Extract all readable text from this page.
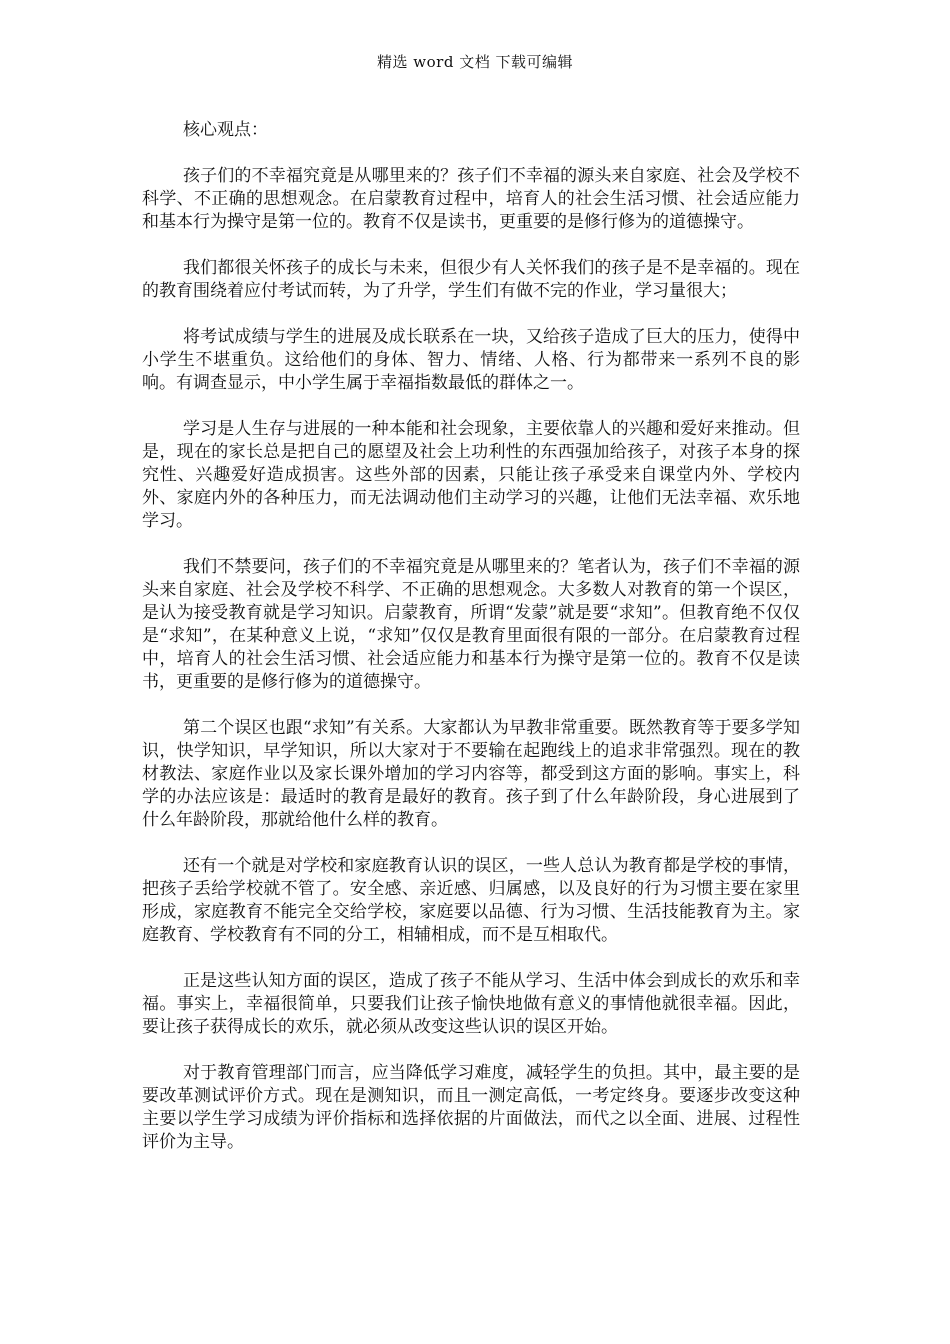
精选 word 文档 下载可编辑

核心观点：

孩子们的不幸福究竟是从哪里来的？孩子们不幸福的源头来自家庭、社会及学校不科学、不正确的思想观念。在启蒙教育过程中，培育人的社会生活习惯、社会适应能力和基本行为操守是第一位的。教育不仅是读书，更重要的是修行修为的道德操守。

我们都很关怀孩子的成长与未来，但很少有人关怀我们的孩子是不是幸福的。现在的教育围绕着应付考试而转，为了升学，学生们有做不完的作业，学习量很大；

将考试成绩与学生的进展及成长联系在一块，又给孩子造成了巨大的压力，使得中小学生不堪重负。这给他们的身体、智力、情绪、人格、行为都带来一系列不良的影响。有调查显示，中小学生属于幸福指数最低的群体之一。

学习是人生存与进展的一种本能和社会现象，主要依靠人的兴趣和爱好来推动。但是，现在的家长总是把自己的愿望及社会上功利性的东西强加给孩子，对孩子本身的探究性、兴趣爱好造成损害。这些外部的因素，只能让孩子承受来自课堂内外、学校内外、家庭内外的各种压力，而无法调动他们主动学习的兴趣，让他们无法幸福、欢乐地学习。

我们不禁要问，孩子们的不幸福究竟是从哪里来的？笔者认为，孩子们不幸福的源头来自家庭、社会及学校不科学、不正确的思想观念。大多数人对教育的第一个误区，是认为接受教育就是学习知识。启蒙教育，所谓“发蒙”就是要“求知”。但教育绝不仅仅是“求知”，在某种意义上说，“求知”仅仅是教育里面很有限的一部分。在启蒙教育过程中，培育人的社会生活习惯、社会适应能力和基本行为操守是第一位的。教育不仅是读书，更重要的是修行修为的道德操守。

第二个误区也跟“求知”有关系。大家都认为早教非常重要。既然教育等于要多学知识，快学知识，早学知识，所以大家对于不要输在起跑线上的追求非常强烈。现在的教材教法、家庭作业以及家长课外增加的学习内容等，都受到这方面的影响。事实上，科学的办法应该是：最适时的教育是最好的教育。孩子到了什么年龄阶段，身心进展到了什么年龄阶段，那就给他什么样的教育。

还有一个就是对学校和家庭教育认识的误区，一些人总认为教育都是学校的事情，把孩子丢给学校就不管了。安全感、亲近感、归属感，以及良好的行为习惯主要在家里形成，家庭教育不能完全交给学校，家庭要以品德、行为习惯、生活技能教育为主。家庭教育、学校教育有不同的分工，相辅相成，而不是互相取代。

正是这些认知方面的误区，造成了孩子不能从学习、生活中体会到成长的欢乐和幸福。事实上，幸福很简单，只要我们让孩子愉快地做有意义的事情他就很幸福。因此，要让孩子获得成长的欢乐，就必须从改变这些认识的误区开始。

对于教育管理部门而言，应当降低学习难度，减轻学生的负担。其中，最主要的是要改革测试评价方式。现在是测知识，而且一测定高低，一考定终身。要逐步改变这种主要以学生学习成绩为评价指标和选择依据的片面做法，而代之以全面、进展、过程性评价为主导。
